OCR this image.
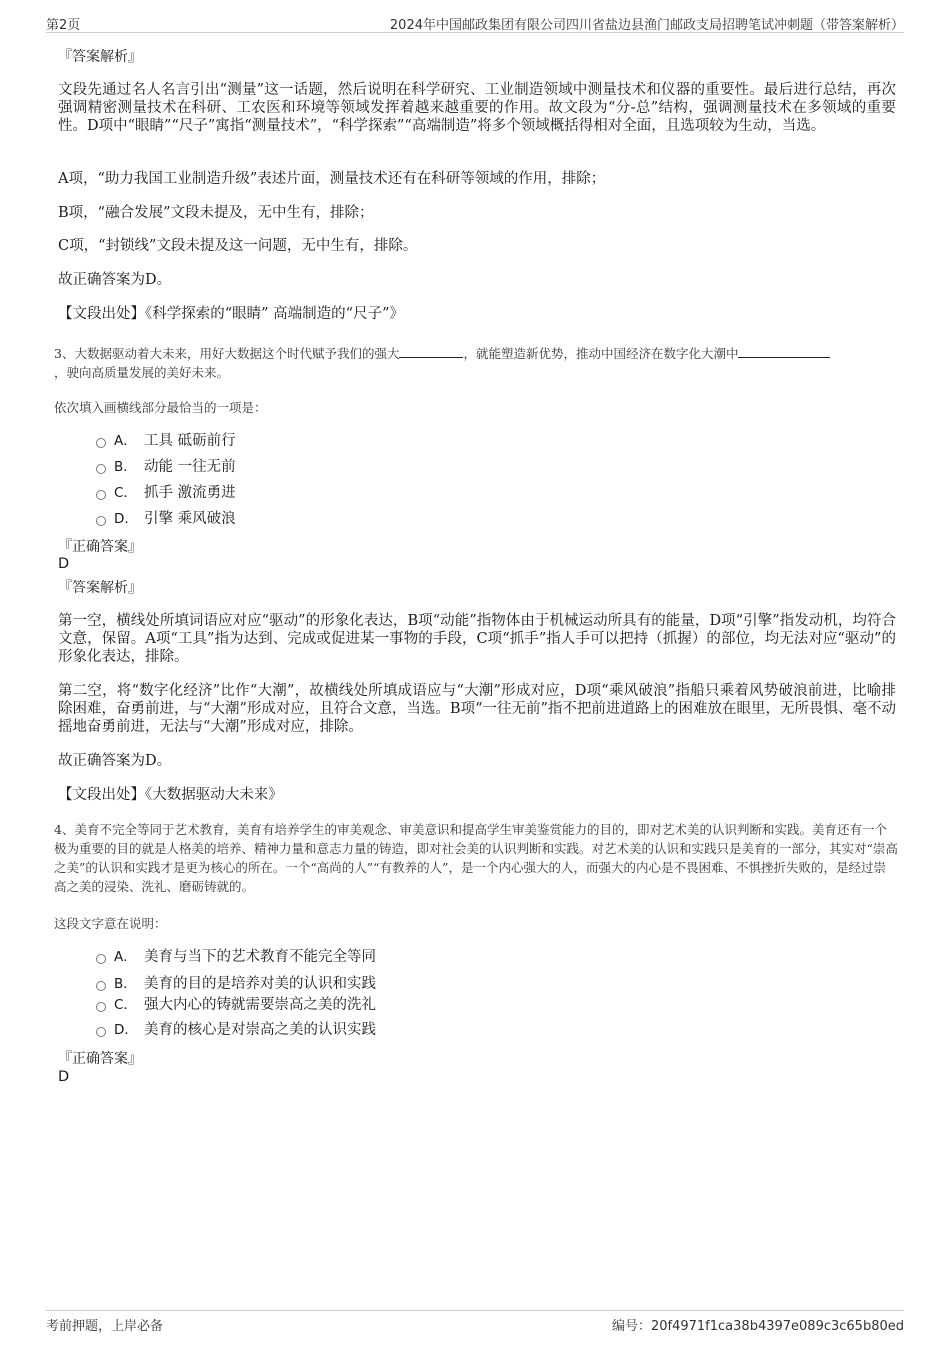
第2页	2024年中国邮政集团有限公司四川省盐边县渔门邮政支局招聘笔试冲刺题（带答案解析）
『答案解析』
文段先通过名人名言引出“测量”这一话题，然后说明在科学研究、工业制造领域中测量技术和仪器的重要性。最后进行总结，再次强调精密测量技术在科研、工农医和环境等领域发挥着越来越重要的作用。故文段为“分-总”结构，强调测量技术在多领域的重要性。D项中“眼睛”“尺子”寓指“测量技术”，“科学探索”“高端制造”将多个领域概括得相对全面，且选项较为生动，当选。
A项，“助力我国工业制造升级”表述片面，测量技术还有在科研等领域的作用，排除；
B项，“融合发展”文段未提及，无中生有，排除；
C项，“封锁线”文段未提及这一问题，无中生有，排除。
故正确答案为D。
【文段出处】《科学探索的“眼睛” 高端制造的“尺子”》
3、大数据驱动着大未来，用好大数据这个时代赋予我们的强大	，就能塑造新优势，推动中国经济在数字化大潮中
，驶向高质量发展的美好未来。
依次填入画横线部分最恰当的一项是：
A． 工具 砥砺前行
B． 动能 一往无前
C． 抓手 激流勇进
D． 引擎 乘风破浪
『正确答案』
D
『答案解析』
第一空，横线处所填词语应对应“驱动”的形象化表达，B项“动能”指物体由于机械运动所具有的能量，D项“引擎”指发动机，均符合文意，保留。A项“工具”指为达到、完成或促进某一事物的手段，C项“抓手”指人手可以把持（抓握）的部位，均无法对应“驱动”的形象化表达，排除。
第二空，将“数字化经济”比作“大潮”，故横线处所填成语应与“大潮”形成对应，D项“乘风破浪”指船只乘着风势破浪前进，比喻排除困难，奋勇前进，与“大潮”形成对应，且符合文意，当选。B项“一往无前”指不把前进道路上的困难放在眼里，无所畏惧、毫不动摇地奋勇前进，无法与“大潮”形成对应，排除。
故正确答案为D。
【文段出处】《大数据驱动大未来》
4、美育不完全等同于艺术教育，美育有培养学生的审美观念、审美意识和提高学生审美鉴赏能力的目的，即对艺术美的认识判断和实践。美育还有一个极为重要的目的就是人格美的培养、精神力量和意志力量的铸造，即对社会美的认识判断和实践。对艺术美的认识和实践只是美育的一部分，其实对“崇高之美”的认识和实践才是更为核心的所在。一个“高尚的人”“有教养的人”，是一个内心强大的人，而强大的内心是不畏困难、不惧挫折失败的，是经过崇高之美的浸染、洗礼、磨砺铸就的。
这段文字意在说明：
A． 美育与当下的艺术教育不能完全等同
B． 美育的目的是培养对美的认识和实践
C． 强大内心的铸就需要崇高之美的洗礼
D． 美育的核心是对崇高之美的认识实践
『正确答案』
D
考前押题，上岸必备	编号：20f4971f1ca38b4397e089c3c65b80ed
